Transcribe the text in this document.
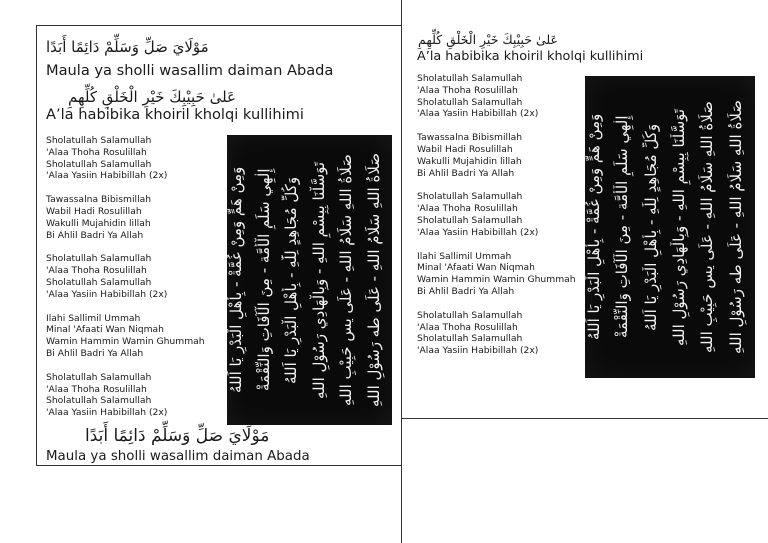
مَوْلَايَ صَلِّ وَسَلِّمْ دَائِمًا أَبَدًا
Maula ya sholli wasallim daiman Abada
عَلىٰ حَبِيْبِكَ خَيْرِ الْخَلْقِ كُلِّهِمِ
A’la habibika khoiril kholqi kullihimi
Sholatullah Salamullah
'Alaa Thoha Rosulillah
Sholatullah Salamullah
'Alaa Yasiin Habibillah (2x)
Tawassalna Bibismillah
Wabil Hadi Rosulillah
Wakulli Mujahidin lillah
Bi Ahlil Badri Ya Allah
Sholatullah Salamullah
'Alaa Thoha Rosulillah
Sholatullah Salamullah
'Alaa Yasiin Habibillah (2x)
Ilahi Sallimil Ummah
Minal 'Afaati Wan Niqmah
Wamin Hammin Wamin Ghummah
Bi Ahlil Badri Ya Allah
Sholatullah Salamullah
'Alaa Thoha Rosulillah
Sholatullah Salamullah
'Alaa Yasiin Habibillah (2x)
صَلَاةُ اللهِ سَلَامُ اللهِ - عَلَى طه رَسُوْلِ اللهِ
صَلَاةُ اللهِ سَلَامُ اللهِ - عَلَى يس حَبِيْبِ اللهِ
تَوَسَّلْنَا بِبِسْمِ اللهِ - وَبِالْهَادِي رَسُوْلِ اللهِ
وَكُلِّ مُجَاهِدٍ لِلّٰهِ - بِأَهْلِ الْبَدْرِ يَا اَللهُ
إِلٰهِي سَلِّمِ الْأُمَّة - مِنَ الْآفَاتِ وَالنِّقْمَةْ
وَمِنْ هَمٍّ وَمِنْ غُمَّةْ - بِأَهْلِ الْبَدْرِ يَا اَللهُ
مَوْلَايَ صَلِّ وَسَلِّمْ دَائِمًا أَبَدًا
Maula ya sholli wasallim daiman Abada
عَلىٰ حَبِيْبِكَ خَيْرِ الْخَلْقِ كُلِّهِمِ
A’la habibika khoiril kholqi kullihimi
Sholatullah Salamullah
'Alaa Thoha Rosulillah
Sholatullah Salamullah
'Alaa Yasiin Habibillah (2x)
Tawassalna Bibismillah
Wabil Hadi Rosulillah
Wakulli Mujahidin lillah
Bi Ahlil Badri Ya Allah
Sholatullah Salamullah
'Alaa Thoha Rosulillah
Sholatullah Salamullah
'Alaa Yasiin Habibillah (2x)
Ilahi Sallimil Ummah
Minal 'Afaati Wan Niqmah
Wamin Hammin Wamin Ghummah
Bi Ahlil Badri Ya Allah
Sholatullah Salamullah
'Alaa Thoha Rosulillah
Sholatullah Salamullah
'Alaa Yasiin Habibillah (2x)	صَلَاةُ اللهِ سَلَامُ اللهِ - عَلَى طه رَسُوْلِ اللهِ
صَلَاةُ اللهِ سَلَامُ اللهِ - عَلَى يس حَبِيْبِ اللهِ
تَوَسَّلْنَا بِبِسْمِ اللهِ - وَبِالْهَادِي رَسُوْلِ اللهِ
وَكُلِّ مُجَاهِدٍ لِلّٰهِ - بِأَهْلِ الْبَدْرِ يَا اَللهُ
إِلٰهِي سَلِّمِ الْأُمَّة - مِنَ الْآفَاتِ وَالنِّقْمَةْ
وَمِنْ هَمٍّ وَمِنْ غُمَّةْ - بِأَهْلِ الْبَدْرِ يَا اَللهُ
